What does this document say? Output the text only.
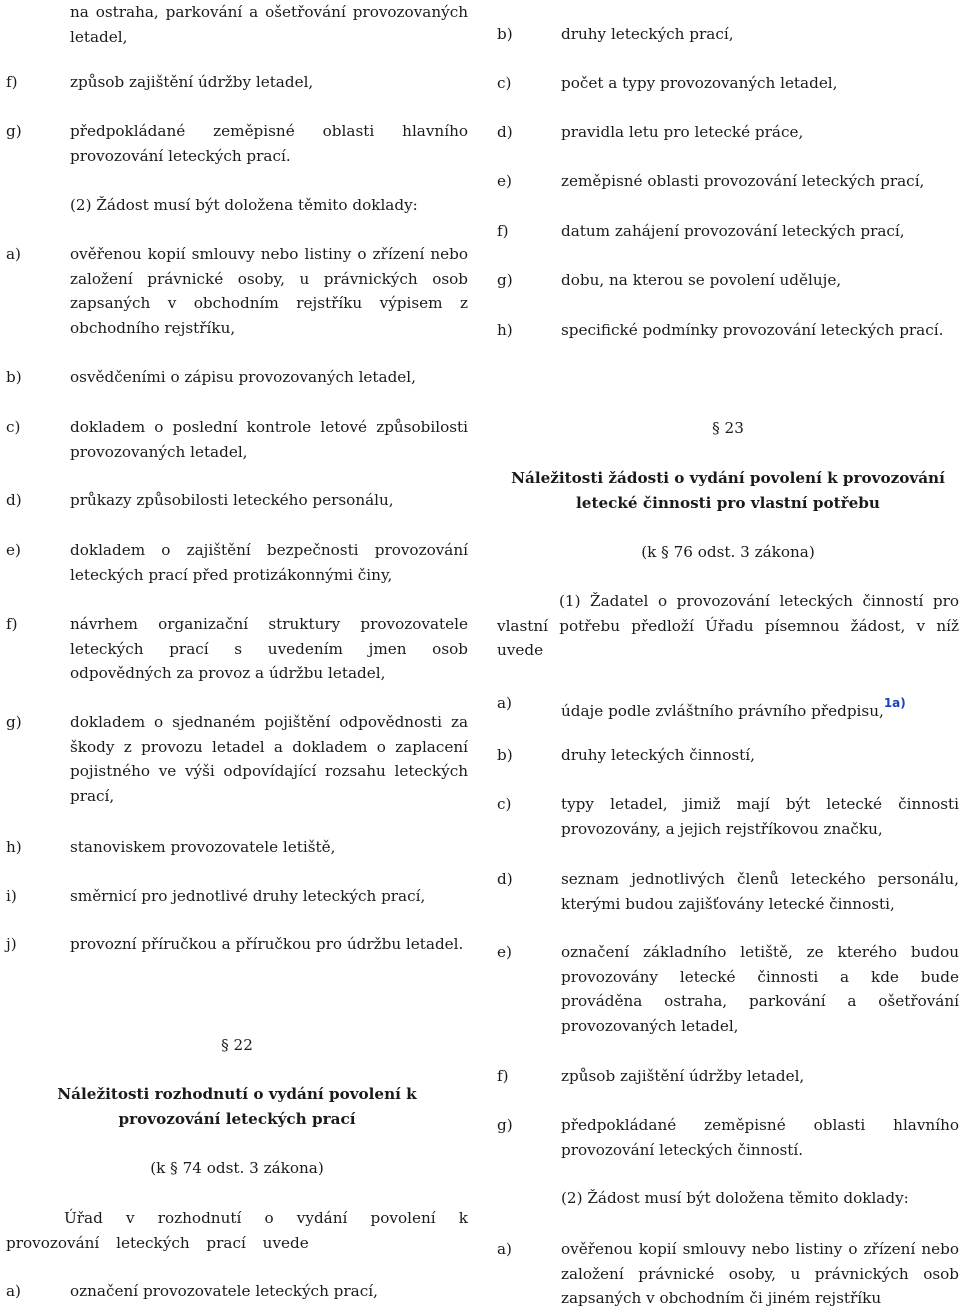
na ostraha, parkování a ošetřování provozovaných letadel,
f)	způsob zajištění údržby letadel,
g)	předpokládané zeměpisné oblasti hlavního provozování leteckých prací.
(2) Žádost musí být doložena těmito doklady:
a)	ověřenou kopií smlouvy nebo listiny o zřízení nebo založení právnické osoby, u právnických osob zapsaných v obchodním rejstříku výpisem z obchodního rejstříku,
b)	osvědčeními o zápisu provozovaných letadel,
c)	dokladem o poslední kontrole letové způsobilosti provozovaných letadel,
d)	průkazy způsobilosti leteckého personálu,
e)	dokladem o zajištění bezpečnosti provozování leteckých prací před protizákonnými činy,
f)	návrhem organizační struktury provozovatele leteckých prací s uvedením jmen osob odpovědných za provoz a údržbu letadel,
g)	dokladem o sjednaném pojištění odpovědnosti za škody z provozu letadel a dokladem o zaplacení pojistného ve výši odpovídající rozsahu leteckých prací,
h)	stanoviskem provozovatele letiště,
i)	směrnicí pro jednotlivé druhy leteckých prací,
j)	provozní příručkou a příručkou pro údržbu letadel.
§ 22
Náležitosti rozhodnutí o vydání povolení k provozování leteckých prací
(k § 74 odst. 3 zákona)
Úřad v rozhodnutí o vydání povolení k provozování leteckých prací uvede
a)	označení provozovatele leteckých prací,
b)	druhy leteckých prací,
c)	počet a typy provozovaných letadel,
d)	pravidla letu pro letecké práce,
e)	zeměpisné oblasti provozování leteckých prací,
f)	datum zahájení provozování leteckých prací,
g)	dobu, na kterou se povolení uděluje,
h)	specifické podmínky provozování leteckých prací.
§ 23
Náležitosti žádosti o vydání povolení k provozování letecké činnosti pro vlastní potřebu
(k § 76 odst. 3 zákona)
(1) Žadatel o provozování leteckých činností pro vlastní potřebu předloží Úřadu písemnou žádost, v níž uvede
a)	údaje podle zvláštního právního předpisu,$^{1a)}$
b)	druhy leteckých činností,
c)	typy letadel, jimiž mají být letecké činnosti provozovány, a jejich rejstříkovou značku,
d)	seznam jednotlivých členů leteckého personálu, kterými budou zajišťovány letecké činnosti,
e)	označení základního letiště, ze kterého budou provozovány letecké činnosti a kde bude prováděna ostraha, parkování a ošetřování provozovaných letadel,
f)	způsob zajištění údržby letadel,
g)	předpokládané zeměpisné oblasti hlavního provozování leteckých činností.
(2) Žádost musí být doložena těmito doklady:
a)	ověřenou kopií smlouvy nebo listiny o zřízení nebo založení právnické osoby, u právnických osob zapsaných v obchodním či jiném rejstříku
